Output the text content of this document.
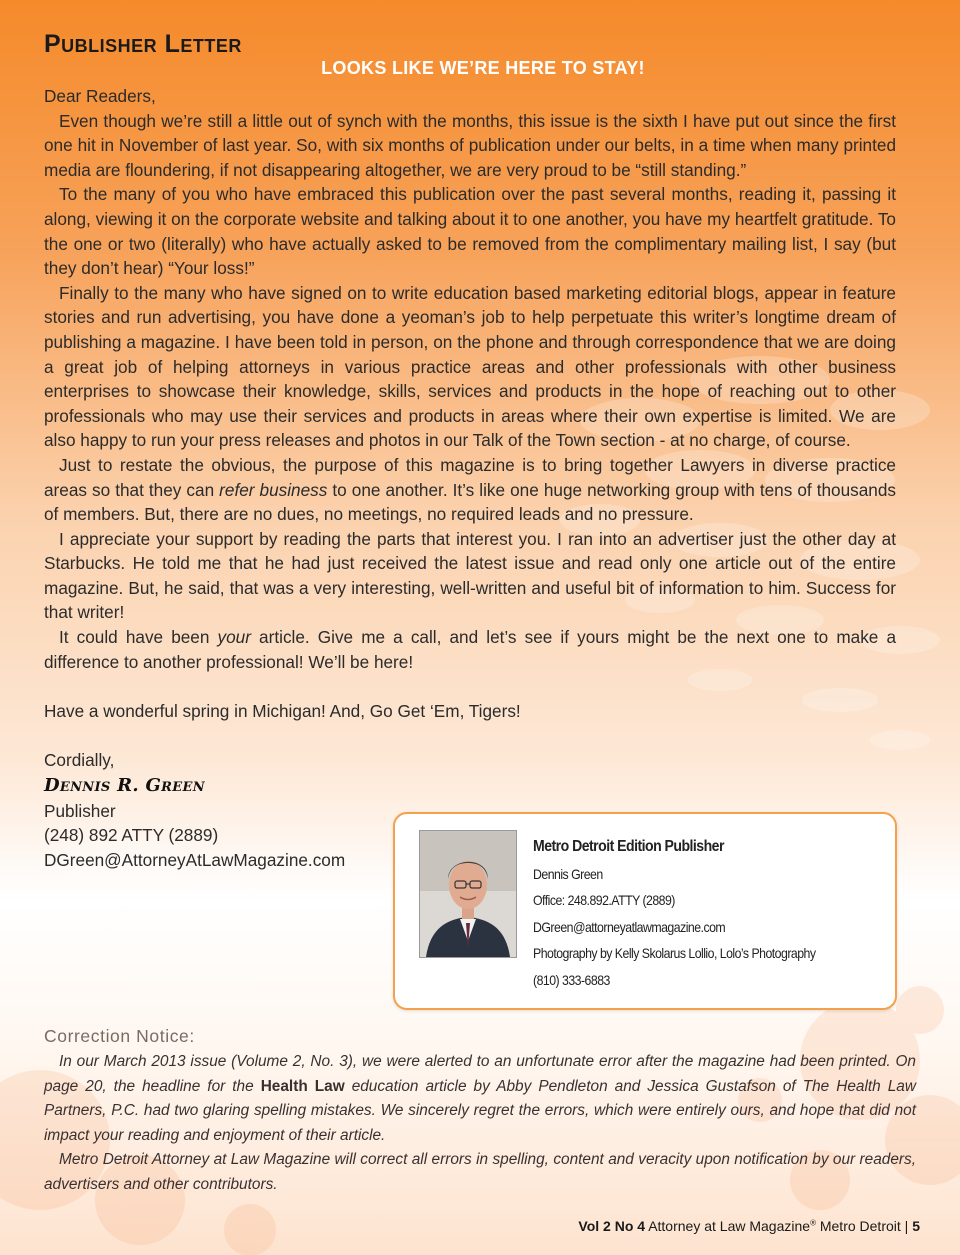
Publisher Letter
LOOKS LIKE WE’RE HERE TO STAY!

Dear Readers,

Even though we’re still a little out of synch with the months, this issue is the sixth I have put out since the first one hit in November of last year. So, with six months of publication under our belts, in a time when many printed media are floundering, if not disappearing altogether, we are very proud to be “still standing.”

To the many of you who have embraced this publication over the past several months, reading it, passing it along, viewing it on the corporate website and talking about it to one another, you have my heartfelt gratitude. To the one or two (literally) who have actually asked to be removed from the complimentary mailing list, I say (but they don’t hear) “Your loss!”

Finally to the many who have signed on to write education based marketing editorial blogs, appear in feature stories and run advertising, you have done a yeoman’s job to help perpetuate this writer’s longtime dream of publishing a magazine. I have been told in person, on the phone and through correspondence that we are doing a great job of helping attorneys in various practice areas and other professionals with other business enterprises to showcase their knowledge, skills, services and products in the hope of reaching out to other professionals who may use their services and products in areas where their own expertise is limited. We are also happy to run your press releases and photos in our Talk of the Town section - at no charge, of course.

Just to restate the obvious, the purpose of this magazine is to bring together Lawyers in diverse practice areas so that they can refer business to one another. It’s like one huge networking group with tens of thousands of members. But, there are no dues, no meetings, no required leads and no pressure.

I appreciate your support by reading the parts that interest you. I ran into an advertiser just the other day at Starbucks. He told me that he had just received the latest issue and read only one article out of the entire magazine. But, he said, that was a very interesting, well-written and useful bit of information to him. Success for that writer!

It could have been your article. Give me a call, and let’s see if yours might be the next one to make a difference to another professional! We’ll be here!

Have a wonderful spring in Michigan! And, Go Get ‘Em, Tigers!

Cordially,

Dennis R. Green

Publisher

(248) 892 ATTY (2889)

DGreen@AttorneyAtLawMagazine.com

Metro Detroit Edition Publisher
Dennis Green
Office: 248.892.ATTY (2889)
DGreen@attorneyatlawmagazine.com
Photography by Kelly Skolarus Lollio, Lolo’s Photography
(810) 333-6883
Correction Notice:

In our March 2013 issue (Volume 2, No. 3), we were alerted to an unfortunate error after the magazine had been printed. On page 20, the headline for the Health Law education article by Abby Pendleton and Jessica Gustafson of The Health Law Partners, P.C. had two glaring spelling mistakes. We sincerely regret the errors, which were entirely ours, and hope that did not impact your reading and enjoyment of their article.

Metro Detroit Attorney at Law Magazine will correct all errors in spelling, content and veracity upon notification by our readers, advertisers and other contributors.

Vol 2 No 4 Attorney at Law Magazine® Metro Detroit | 5
